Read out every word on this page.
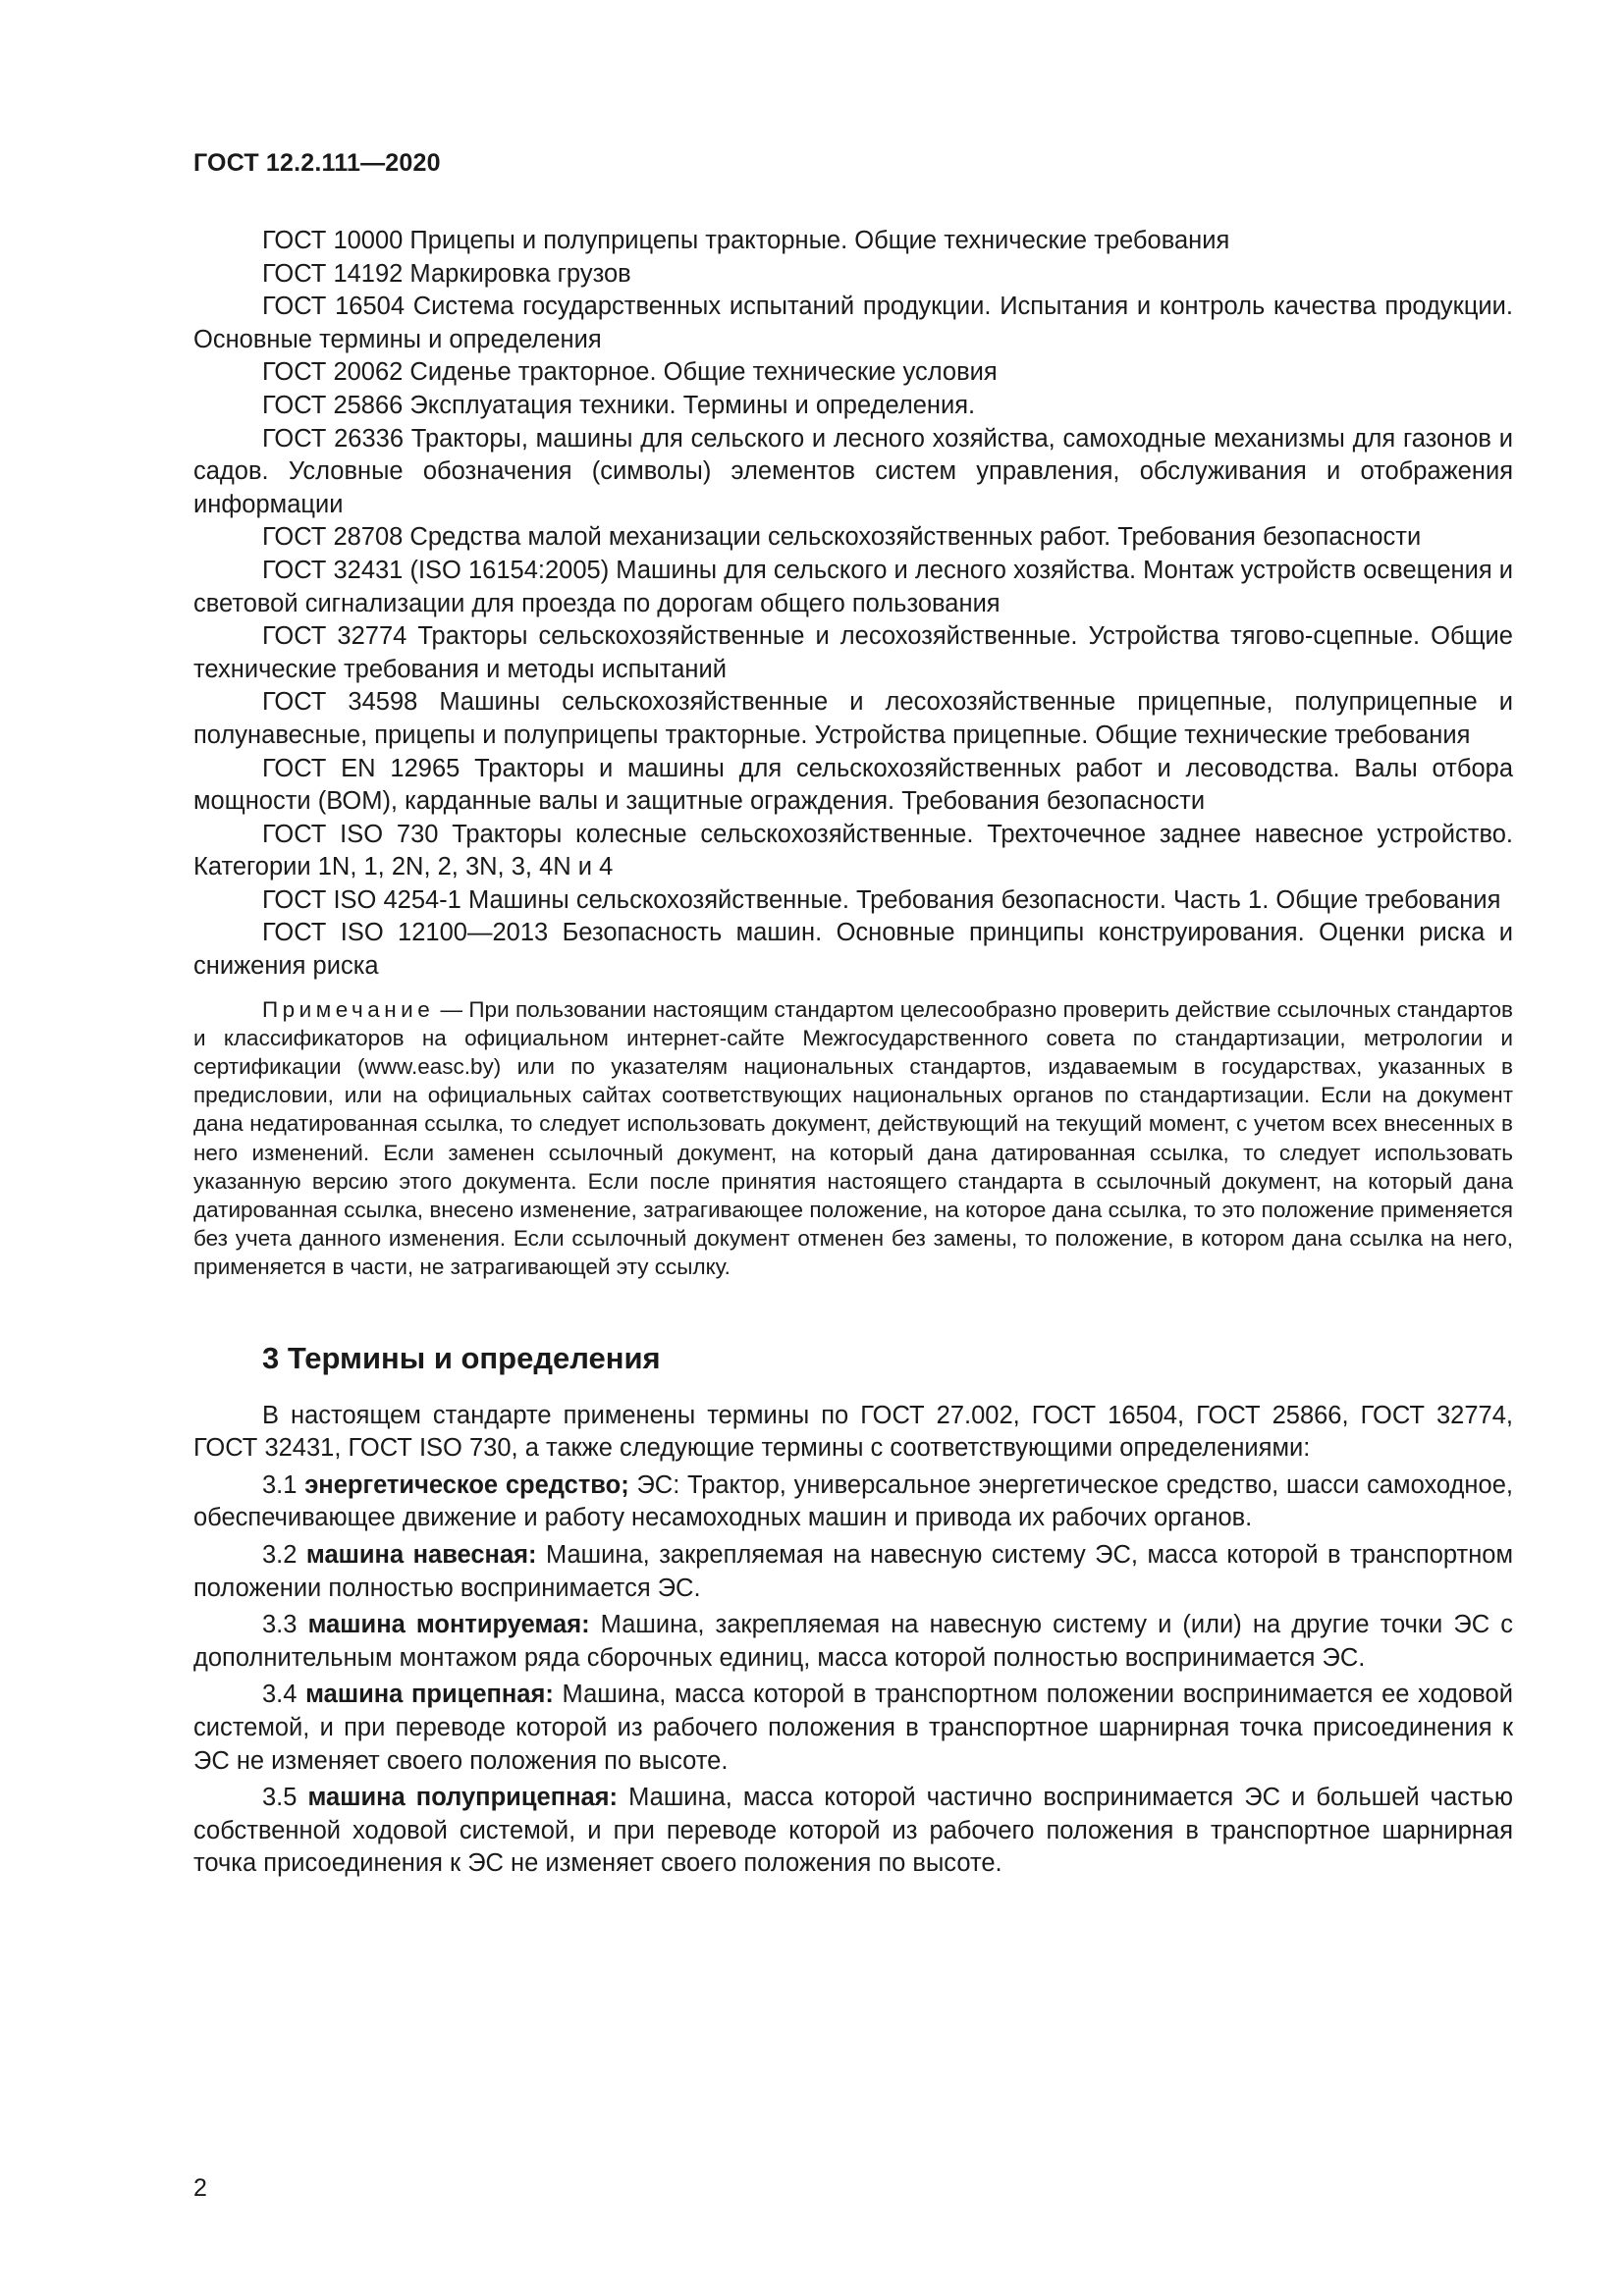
ГОСТ 12.2.111—2020

ГОСТ 10000 Прицепы и полуприцепы тракторные. Общие технические требования

ГОСТ 14192 Маркировка грузов

ГОСТ 16504 Система государственных испытаний продукции. Испытания и контроль качества продукции. Основные термины и определения

ГОСТ 20062 Сиденье тракторное. Общие технические условия

ГОСТ 25866 Эксплуатация техники. Термины и определения.

ГОСТ 26336 Тракторы, машины для сельского и лесного хозяйства, самоходные механизмы для газонов и садов. Условные обозначения (символы) элементов систем управления, обслуживания и отображения информации

ГОСТ 28708 Средства малой механизации сельскохозяйственных работ. Требования безопасности

ГОСТ 32431 (ISO 16154:2005) Машины для сельского и лесного хозяйства. Монтаж устройств освещения и световой сигнализации для проезда по дорогам общего пользования

ГОСТ 32774 Тракторы сельскохозяйственные и лесохозяйственные. Устройства тягово-сцепные. Общие технические требования и методы испытаний

ГОСТ 34598 Машины сельскохозяйственные и лесохозяйственные прицепные, полуприцепные и полунавесные, прицепы и полуприцепы тракторные. Устройства прицепные. Общие технические требования

ГОСТ EN 12965 Тракторы и машины для сельскохозяйственных работ и лесоводства. Валы отбора мощности (ВОМ), карданные валы и защитные ограждения. Требования безопасности

ГОСТ ISO 730 Тракторы колесные сельскохозяйственные. Трехточечное заднее навесное устройство. Категории 1N, 1, 2N, 2, 3N, 3, 4N и 4

ГОСТ ISO 4254-1 Машины сельскохозяйственные. Требования безопасности. Часть 1. Общие требования

ГОСТ ISO 12100—2013 Безопасность машин. Основные принципы конструирования. Оценки риска и снижения риска

Примечание — При пользовании настоящим стандартом целесообразно проверить действие ссылочных стандартов и классификаторов на официальном интернет-сайте Межгосударственного совета по стандартизации, метрологии и сертификации (www.easc.by) или по указателям национальных стандартов, издаваемым в государствах, указанных в предисловии, или на официальных сайтах соответствующих национальных органов по стандартизации. Если на документ дана недатированная ссылка, то следует использовать документ, действующий на текущий момент, с учетом всех внесенных в него изменений. Если заменен ссылочный документ, на который дана датированная ссылка, то следует использовать указанную версию этого документа. Если после принятия настоящего стандарта в ссылочный документ, на который дана датированная ссылка, внесено изменение, затрагивающее положение, на которое дана ссылка, то это положение применяется без учета данного изменения. Если ссылочный документ отменен без замены, то положение, в котором дана ссылка на него, применяется в части, не затрагивающей эту ссылку.

3 Термины и определения

В настоящем стандарте применены термины по ГОСТ 27.002, ГОСТ 16504, ГОСТ 25866, ГОСТ 32774, ГОСТ 32431, ГОСТ ISO 730, а также следующие термины с соответствующими определениями:

3.1 энергетическое средство; ЭС: Трактор, универсальное энергетическое средство, шасси самоходное, обеспечивающее движение и работу несамоходных машин и привода их рабочих органов.

3.2 машина навесная: Машина, закрепляемая на навесную систему ЭС, масса которой в транспортном положении полностью воспринимается ЭС.

3.3 машина монтируемая: Машина, закрепляемая на навесную систему и (или) на другие точки ЭС с дополнительным монтажом ряда сборочных единиц, масса которой полностью воспринимается ЭС.

3.4 машина прицепная: Машина, масса которой в транспортном положении воспринимается ее ходовой системой, и при переводе которой из рабочего положения в транспортное шарнирная точка присоединения к ЭС не изменяет своего положения по высоте.

3.5 машина полуприцепная: Машина, масса которой частично воспринимается ЭС и большей частью собственной ходовой системой, и при переводе которой из рабочего положения в транспортное шарнирная точка присоединения к ЭС не изменяет своего положения по высоте.

2
